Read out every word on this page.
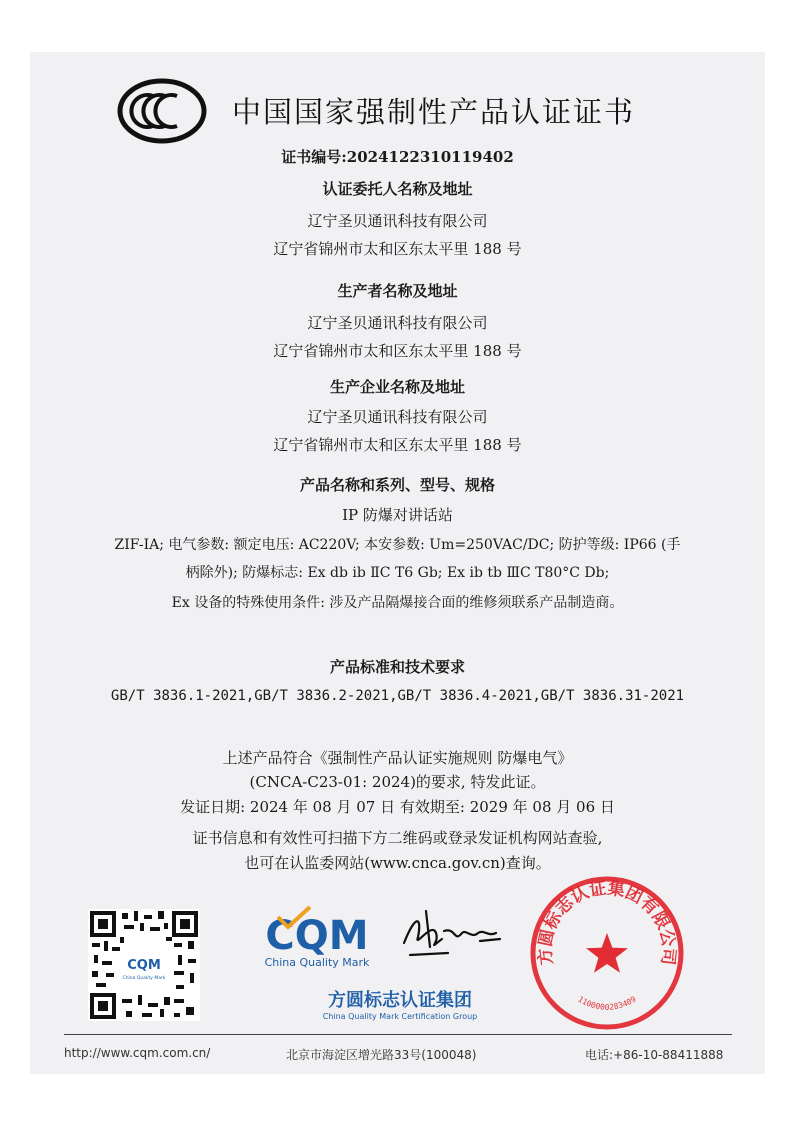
中国国家强制性产品认证证书
证书编号:2024122310119402
认证委托人名称及地址
辽宁圣贝通讯科技有限公司
辽宁省锦州市太和区东太平里 188 号
生产者名称及地址
辽宁圣贝通讯科技有限公司
辽宁省锦州市太和区东太平里 188 号
生产企业名称及地址
辽宁圣贝通讯科技有限公司
辽宁省锦州市太和区东太平里 188 号
产品名称和系列、型号、规格
IP 防爆对讲话站
ZIF-IA; 电气参数: 额定电压: AC220V; 本安参数: Um=250VAC/DC; 防护等级: IP66 (手
柄除外); 防爆标志: Ex db ib ⅡC T6 Gb; Ex ib tb ⅢC T80°C Db;
Ex 设备的特殊使用条件: 涉及产品隔爆接合面的维修须联系产品制造商。
产品标准和技术要求
GB/T 3836.1-2021,GB/T 3836.2-2021,GB/T 3836.4-2021,GB/T 3836.31-2021
上述产品符合《强制性产品认证实施规则 防爆电气》
(CNCA-C23-01: 2024)的要求, 特发此证。
发证日期: 2024 年 08 月 07 日 有效期至: 2029 年 08 月 06 日
证书信息和有效性可扫描下方二维码或登录发证机构网站查验,
也可在认监委网站(www.cnca.gov.cn)查询。
CQM
China Quality Mark
CQM
China Quality Mark
方圆标志认证集团
China Quality Mark Certification Group
方圆标志认证集团有限公司
1100000283409
http://www.cqm.com.cn/	北京市海淀区增光路33号(100048)	电话:+86-10-88411888
